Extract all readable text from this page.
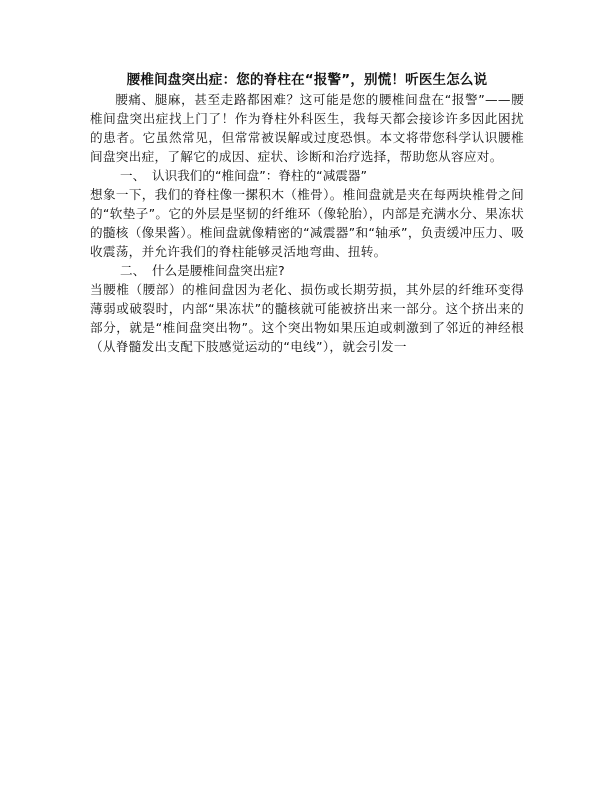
腰椎间盘突出症：您的脊柱在“报警”，别慌！听医生怎么说

腰痛、腿麻，甚至走路都困难？这可能是您的腰椎间盘在“报警”——腰椎间盘突出症找上门了！作为脊柱外科医生，我每天都会接诊许多因此困扰的患者。它虽然常见，但常常被误解或过度恐惧。本文将带您科学认识腰椎间盘突出症，了解它的成因、症状、诊断和治疗选择，帮助您从容应对。

一、 认识我们的“椎间盘”：脊柱的“减震器”

想象一下，我们的脊柱像一摞积木（椎骨）。椎间盘就是夹在每两块椎骨之间的“软垫子”。它的外层是坚韧的纤维环（像轮胎），内部是充满水分、果冻状的髓核（像果酱）。椎间盘就像精密的“减震器”和“轴承”，负责缓冲压力、吸收震荡，并允许我们的脊柱能够灵活地弯曲、扭转。

二、 什么是腰椎间盘突出症?

当腰椎（腰部）的椎间盘因为老化、损伤或长期劳损，其外层的纤维环变得薄弱或破裂时，内部“果冻状”的髓核就可能被挤出来一部分。这个挤出来的部分，就是“椎间盘突出物”。这个突出物如果压迫或刺激到了邻近的神经根（从脊髓发出支配下肢感觉运动的“电线”），就会引发一
